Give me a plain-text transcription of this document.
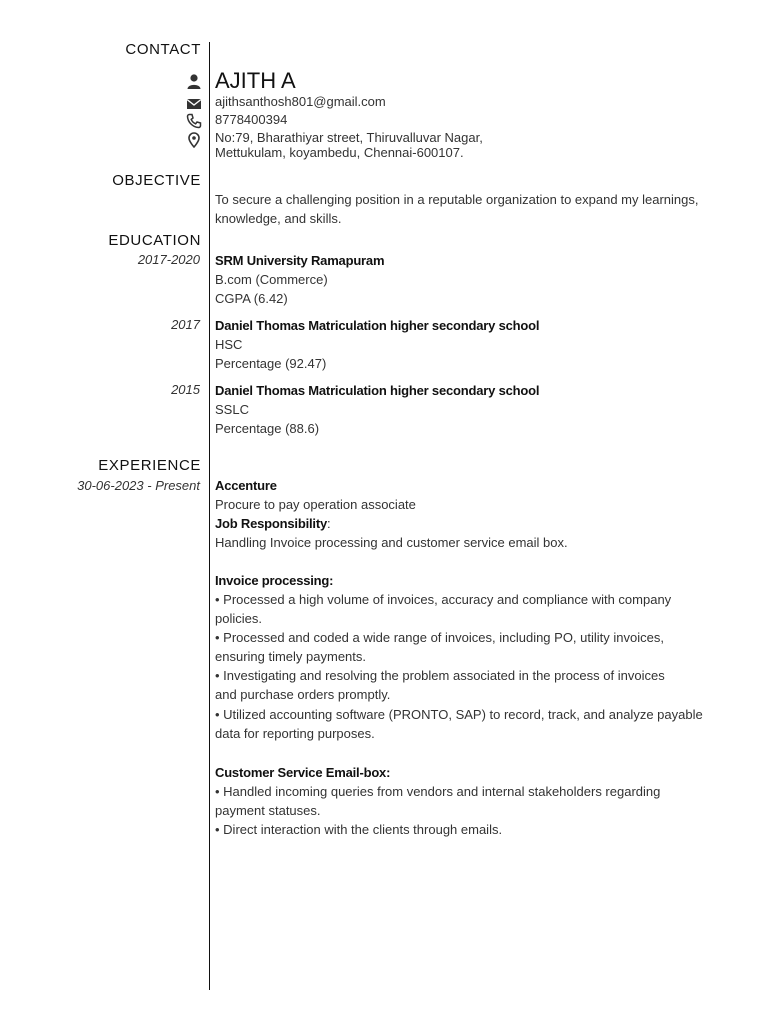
CONTACT
AJITH A
ajithsanthosh801@gmail.com
8778400394
No:79, Bharathiyar street, Thiruvalluvar Nagar,
Mettukulam, koyambedu, Chennai-600107.
OBJECTIVE
To secure a challenging position in a reputable organization to expand my learnings,
knowledge, and skills.
EDUCATION
2017-2020 SRM University Ramapuram
B.com (Commerce)
CGPA (6.42)
2017 Daniel Thomas Matriculation higher secondary school
HSC
Percentage (92.47)
2015 Daniel Thomas Matriculation higher secondary school
SSLC
Percentage (88.6)
EXPERIENCE
30-06-2023 - Present Accenture
Procure to pay operation associate
Job Responsibility:
Handling Invoice processing and customer service email box.
Invoice processing:
• Processed a high volume of invoices, accuracy and compliance with company
policies.
• Processed and coded a wide range of invoices, including PO, utility invoices,
ensuring timely payments.
• Investigating and resolving the problem associated in the process of invoices
and purchase orders promptly.
• Utilized accounting software (PRONTO, SAP) to record, track, and analyze payable
data for reporting purposes.
Customer Service Email-box:
• Handled incoming queries from vendors and internal stakeholders regarding
payment statuses.
• Direct interaction with the clients through emails.
